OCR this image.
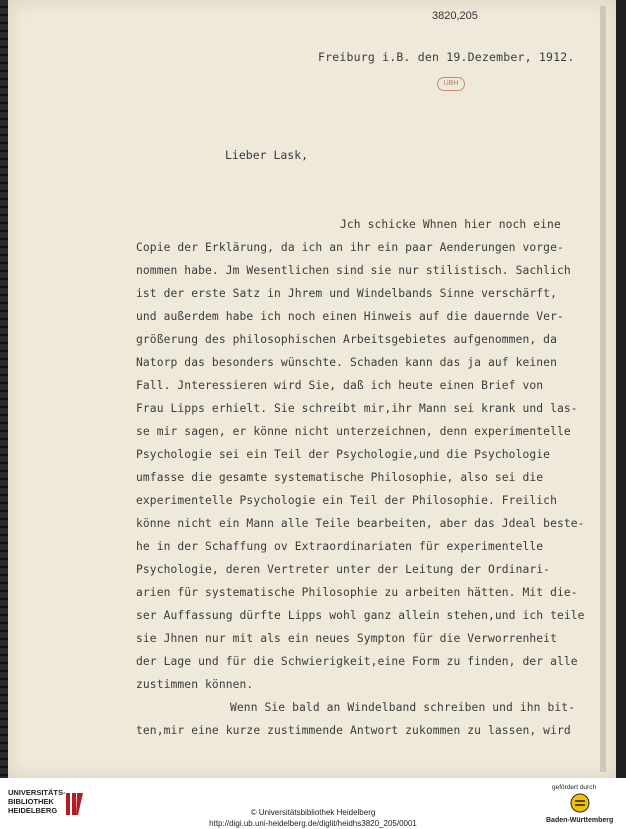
3820,205
Freiburg i.B. den 19.Dezember, 1912.
UBH
Lieber Lask,
Jch schicke Whnen hier noch eine
Copie der Erklärung, da ich an ihr ein paar Aenderungen vorge-
nommen habe. Jm Wesentlichen sind sie nur stilistisch. Sachlich
ist der erste Satz in Jhrem und Windelbands Sinne verschärft,
und außerdem habe ich noch einen Hinweis auf die dauernde Ver-
größerung des philosophischen Arbeitsgebietes aufgenommen, da
Natorp das besonders wünschte. Schaden kann das ja auf keinen
Fall. Jnteressieren wird Sie, daß ich heute einen Brief von
Frau Lipps erhielt. Sie schreibt mir,ihr Mann sei krank und las-
se mir sagen, er könne nicht unterzeichnen, denn experimentelle
Psychologie sei ein Teil der Psychologie,und die Psychologie
umfasse die gesamte systematische Philosophie, also sei die
experimentelle Psychologie ein Teil der Philosophie. Freilich
könne nicht ein Mann alle Teile bearbeiten, aber das Jdeal beste-
he in der Schaffung ov Extraordinariaten für experimentelle
Psychologie, deren Vertreter unter der Leitung der Ordinari-
arien für systematische Philosophie zu arbeiten hätten. Mit die-
ser Auffassung dürfte Lipps wohl ganz allein stehen,und ich teile
sie Jhnen nur mit als ein neues Sympton für die Verworrenheit
der Lage und für die Schwierigkeit,eine Form zu finden, der alle
zustimmen können.
Wenn Sie bald an Windelband schreiben und ihn bit-
ten,mir eine kurze zustimmende Antwort zukommen zu lassen, wird
UNIVERSITÄTS-
BIBLIOTHEK
HEIDELBERG	© Universitätsbibliothek Heidelberg
http://digi.ub.uni-heidelberg.de/diglit/heidhs3820_205/0001
gefördert durch
Baden-Württemberg
